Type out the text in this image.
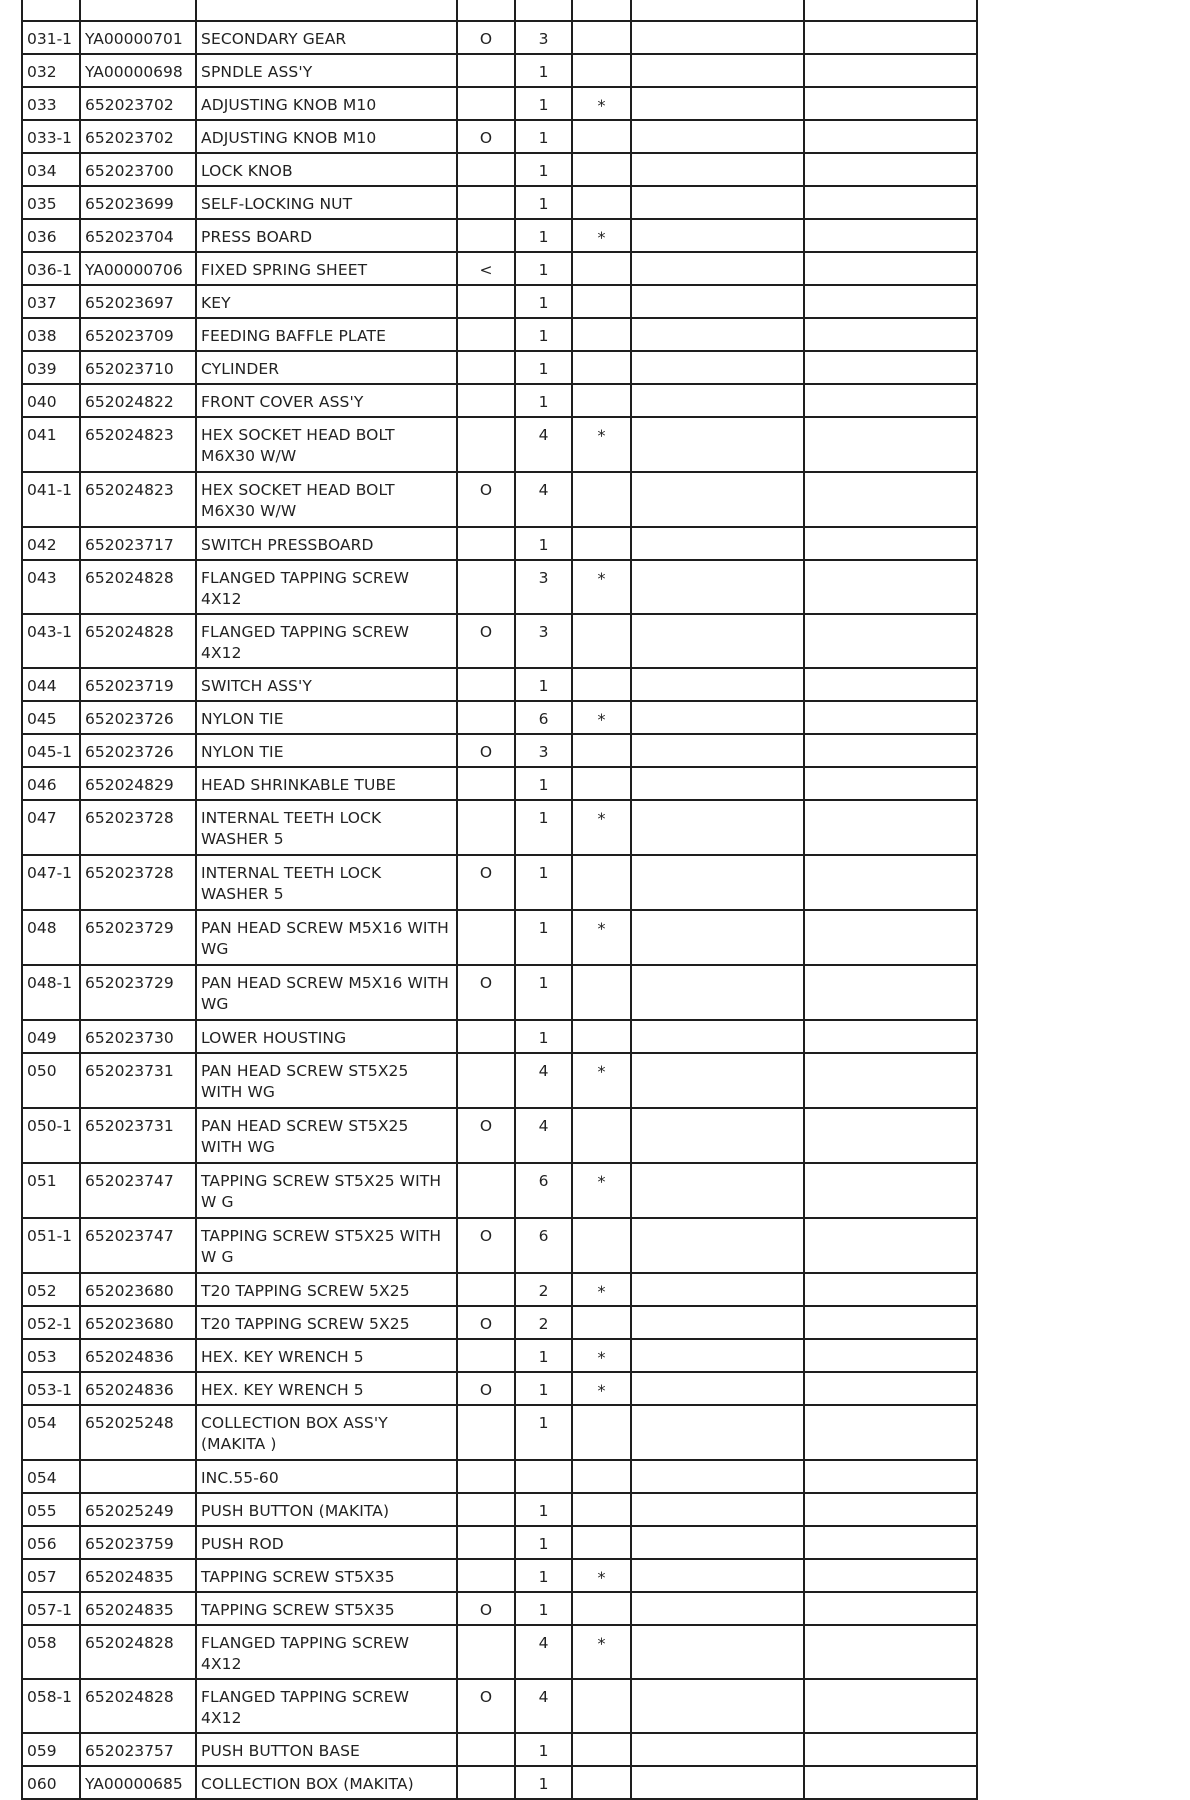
031-1	YA00000701	SECONDARY GEAR	O	3			
032	YA00000698	SPNDLE ASS'Y		1			
033	652023702	ADJUSTING KNOB M10		1	*		
033-1	652023702	ADJUSTING KNOB M10	O	1			
034	652023700	LOCK KNOB		1			
035	652023699	SELF-LOCKING NUT		1			
036	652023704	PRESS BOARD		1	*		
036-1	YA00000706	FIXED SPRING SHEET	<	1			
037	652023697	KEY		1			
038	652023709	FEEDING BAFFLE PLATE		1			
039	652023710	CYLINDER		1			
040	652024822	FRONT COVER ASS'Y		1			
041	652024823	HEX SOCKET HEAD BOLT M6X30 W/W		4	*		
041-1	652024823	HEX SOCKET HEAD BOLT M6X30 W/W	O	4			
042	652023717	SWITCH PRESSBOARD		1			
043	652024828	FLANGED TAPPING SCREW 4X12		3	*		
043-1	652024828	FLANGED TAPPING SCREW 4X12	O	3			
044	652023719	SWITCH ASS'Y		1			
045	652023726	NYLON TIE		6	*		
045-1	652023726	NYLON TIE	O	3			
046	652024829	HEAD SHRINKABLE TUBE		1			
047	652023728	INTERNAL TEETH LOCK WASHER 5		1	*		
047-1	652023728	INTERNAL TEETH LOCK WASHER 5	O	1			
048	652023729	PAN HEAD SCREW M5X16 WITH WG		1	*		
048-1	652023729	PAN HEAD SCREW M5X16 WITH WG	O	1			
049	652023730	LOWER HOUSTING		1			
050	652023731	PAN HEAD SCREW ST5X25 WITH WG		4	*		
050-1	652023731	PAN HEAD SCREW ST5X25 WITH WG	O	4			
051	652023747	TAPPING SCREW ST5X25 WITH W G		6	*		
051-1	652023747	TAPPING SCREW ST5X25 WITH W G	O	6			
052	652023680	T20 TAPPING SCREW 5X25		2	*		
052-1	652023680	T20 TAPPING SCREW 5X25	O	2			
053	652024836	HEX. KEY WRENCH 5		1	*		
053-1	652024836	HEX. KEY WRENCH 5	O	1	*		
054	652025248	COLLECTION BOX ASS'Y (MAKITA )		1			
054		INC.55-60					
055	652025249	PUSH BUTTON (MAKITA)		1			
056	652023759	PUSH ROD		1			
057	652024835	TAPPING SCREW ST5X35		1	*		
057-1	652024835	TAPPING SCREW ST5X35	O	1			
058	652024828	FLANGED TAPPING SCREW 4X12		4	*		
058-1	652024828	FLANGED TAPPING SCREW 4X12	O	4			
059	652023757	PUSH BUTTON BASE		1			
060	YA00000685	COLLECTION BOX (MAKITA)		1			
